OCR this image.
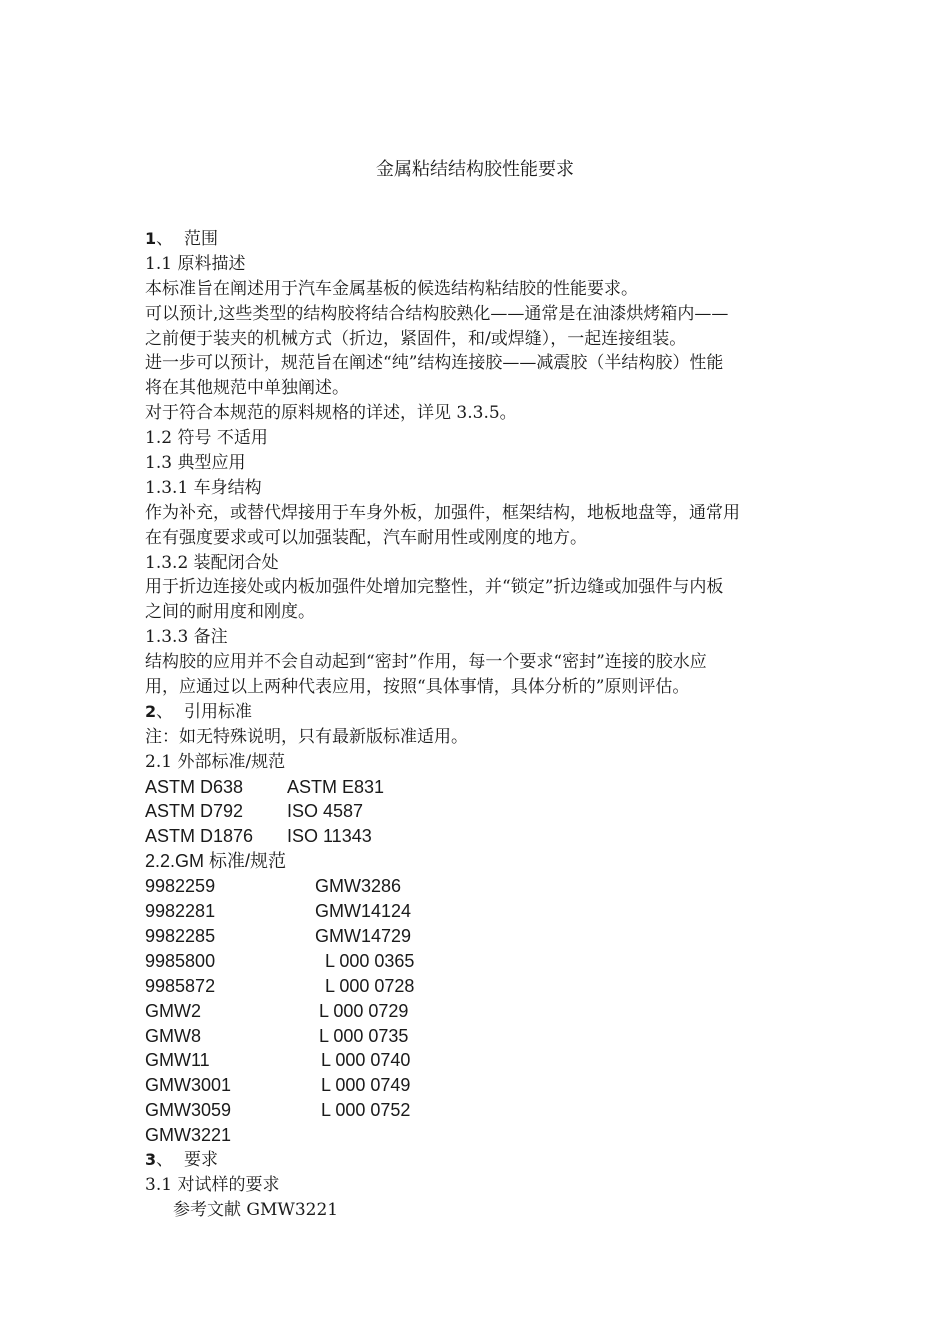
金属粘结结构胶性能要求
1、 范围
1.1 原料描述
本标准旨在阐述用于汽车金属基板的候选结构粘结胶的性能要求。
可以预计,这些类型的结构胶将结合结构胶熟化——通常是在油漆烘烤箱内——
之前便于装夹的机械方式（折边，紧固件，和/或焊缝），一起连接组装。
进一步可以预计，规范旨在阐述“纯”结构连接胶——减震胶（半结构胶）性能
将在其他规范中单独阐述。
对于符合本规范的原料规格的详述，详见 3.3.5。
1.2 符号 不适用
1.3 典型应用
1.3.1 车身结构
作为补充，或替代焊接用于车身外板，加强件，框架结构，地板地盘等，通常用
在有强度要求或可以加强装配，汽车耐用性或刚度的地方。
1.3.2 装配闭合处
用于折边连接处或内板加强件处增加完整性，并“锁定”折边缝或加强件与内板
之间的耐用度和刚度。
1.3.3 备注
结构胶的应用并不会自动起到“密封”作用，每一个要求“密封”连接的胶水应
用，应通过以上两种代表应用，按照“具体事情，具体分析的”原则评估。
2、 引用标准
注：如无特殊说明，只有最新版标准适用。
2.1 外部标准/规范
ASTM D638	ASTM E831
ASTM D792	ISO 4587
ASTM D1876	ISO 11343
2.2.GM 标准/规范
9982259	GMW3286
9982281	GMW14124
9982285	GMW14729
9985800	L 000 0365
9985872	L 000 0728
GMW2	L 000 0729
GMW8	L 000 0735
GMW11	L 000 0740
GMW3001	L 000 0749
GMW3059	L 000 0752
GMW3221
3、 要求
3.1 对试样的要求
参考文献 GMW3221
